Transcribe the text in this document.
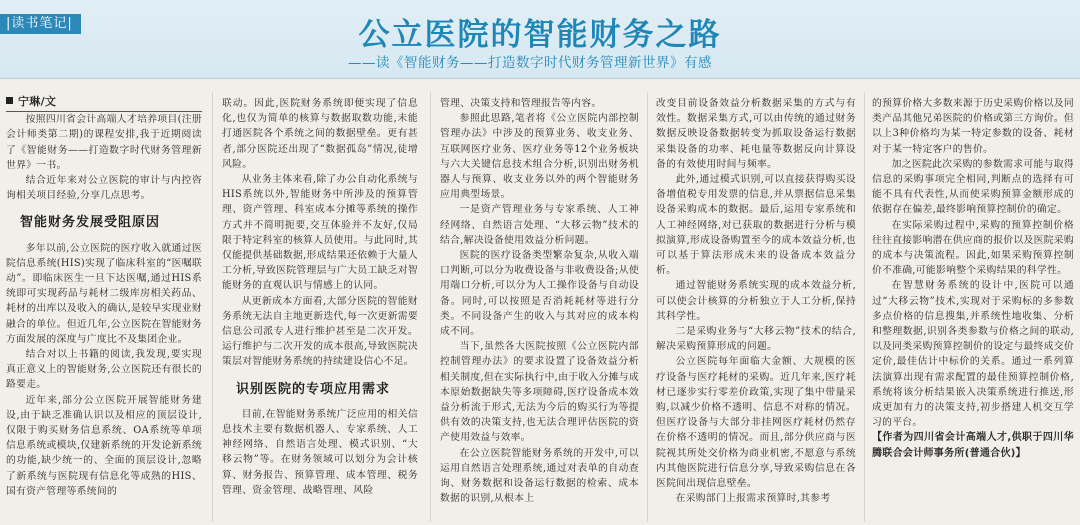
|读书笔记|	公立医院的智能财务之路
——读《智能财务——打造数字时代财务管理新世界》有感

宁琳/文

按照四川省会计高端人才培养项目(注册会计师类第二期)的课程安排,我于近期阅读了《智能财务——打造数字时代财务管理新世界》一书。

结合近年来对公立医院的审计与内控咨询相关项目经验,分享几点思考。

智能财务发展受阻原因

多年以前,公立医院的医疗收入就通过医院信息系统(HIS)实现了临床科室的“医嘱联动”。即临床医生一旦下达医嘱,通过HIS系统即可实现药品与耗材二级库房相关药品、耗材的出库以及收入的确认,是较早实现业财融合的单位。但近几年,公立医院在智能财务方面发展的深度与广度比不及集团企业。

结合对以上书籍的阅读,我发现,要实现真正意义上的智能财务,公立医院还有很长的路要走。

近年来,部分公立医院开展智能财务建设,由于缺乏准确认识以及相应的顶层设计,仅限于购买财务信息系统、OA系统等单项信息系统或模块,仅建新系统的开发论新系统的功能,缺少统一的、全面的顶层设计,忽略了新系统与医院现有信息化等成熟的HIS、国有资产管理等系统间的

联动。因此,医院财务系统即便实现了信息化,也仅为简单的核算与数据取数功能,未能打通医院各个系统之间的数据壁垒。更有甚者,部分医院还出现了“数据孤岛”情况,徒增风险。

从业务主体来看,除了办公自动化系统与HIS系统以外,智能财务中所涉及的预算管理、资产管理、科室成本分摊等系统的操作方式并不简明扼要,交互体验并不友好,仅局限于特定科室的核算人员使用。与此同时,其仅能提供基础数据,形成结果还依赖于大量人工分析,导致医院管理层与广大员工缺乏对智能财务的直观认识与情感上的认同。

从更新成本方面看,大部分医院的智能财务系统无法自主地更新迭代,每一次更新需要信息公司派专人进行维护甚至是二次开发。运行维护与二次开发的成本很高,导致医院决策层对智能财务系统的持续建设信心不足。

识别医院的专项应用需求

目前,在智能财务系统广泛应用的相关信息技术主要有数据机器人、专家系统、人工神经网络、自然语言处理、模式识别、“大移云物”等。在财务领域可以划分为会计核算、财务报告、预算管理、成本管理、税务管理、资金管理、战略管理、风险

管理、决策支持和管理报告等内容。

参照此思路,笔者将《公立医院内部控制管理办法》中涉及的预算业务、收支业务、互联网医疗业务、医疗业务等12个业务板块与六大关键信息技术组合分析,识别出财务机器人与预算、收支业务以外的两个智能财务应用典型场景。

一是资产管理业务与专家系统、人工神经网络、自然语言处理、“大移云物”技术的结合,解决设备使用效益分析问题。

医院的医疗设备类型繁杂复杂,从收入端口判断,可以分为收费设备与非收费设备;从使用端口分析,可以分为人工操作设备与自动设备。同时,可以按照是否消耗耗材等进行分类。不同设备产生的收入与其对应的成本构成不同。

当下,虽然各大医院按照《公立医院内部控制管理办法》的要求设置了设备效益分析相关制度,但在实际执行中,由于收入分摊与成本原始数据缺失等多项障碍,医疗设备成本效益分析流于形式,无法为今后的购买行为等提供有效的决策支持,也无法合理评估医院的资产使用效益与效率。

在公立医院智能财务系统的开发中,可以运用自然语言处理系统,通过对表单的自动查询、财务数据和设备运行数据的检索、成本数据的识别,从根本上

改变目前设备效益分析数据采集的方式与有效性。数据采集方式,可以由传统的通过财务数据反映设备数据转变为抓取设备运行数据采集设备的功率、耗电量等数据反向计算设备的有效使用时间与频率。

此外,通过模式识别,可以直接获得购买设备增值税专用发票的信息,并从票据信息采集设备采购成本的数据。最后,运用专家系统和人工神经网络,对已获取的数据进行分析与模拟演算,形成设备购置至今的成本效益分析,也可以基于算法形成未来的设备成本效益分析。

通过智能财务系统实现的成本效益分析,可以使会计核算的分析独立于人工分析,保持其科学性。

二是采购业务与“大移云物”技术的结合,解决采购预算形成的问题。

公立医院每年面临大金额、大规模的医疗设备与医疗耗材的采购。近几年来,医疗耗材已逐步实行零差价政策,实现了集中带量采购,以减少价格不透明、信息不对称的情况。但医疗设备与大部分非挂网医疗耗材仍然存在价格不透明的情况。而且,部分供应商与医院视其所处交价格为商业机密,不愿意与系统内其他医院进行信息分享,导致采购信息在各医院间出现信息壁垒。

在采购部门上报需求预算时,其参考

的预算价格大多数来源于历史采购价格以及同类产品其他兄弟医院的价格或第三方询价。但以上3种价格均为某一特定参数的设备、耗材对于某一特定客户的售价。

加之医院此次采购的参数需求可能与取得信息的采购事项完全相同,判断点的选择有可能不具有代表性,从而使采购预算金额形成的依据存在偏差,最终影响预算控制价的确定。

在实际采购过程中,采购的预算控制价格往往直接影响潜在供应商的报价以及医院采购的成本与决策流程。因此,如果采购预算控制价不准确,可能影响整个采购结果的科学性。

在智慧财务系统的设计中,医院可以通过“大移云物”技术,实现对于采购标的多参数多点价格的信息搜集,并系统性地收集、分析和整理数据,识别各类参数与价格之间的联动,以及同类采购预算控制价的设定与最终成交价定价,最佳估计中标价的关系。通过一系列算法演算出现有需求配置的最佳预算控制价格,系统将该分析结果嵌入决策系统进行推送,形成更加有力的决策支持,初步搭建人机交互学习的平台。

【作者为四川省会计高端人才,供职于四川华腾联合会计师事务所(普通合伙)】
